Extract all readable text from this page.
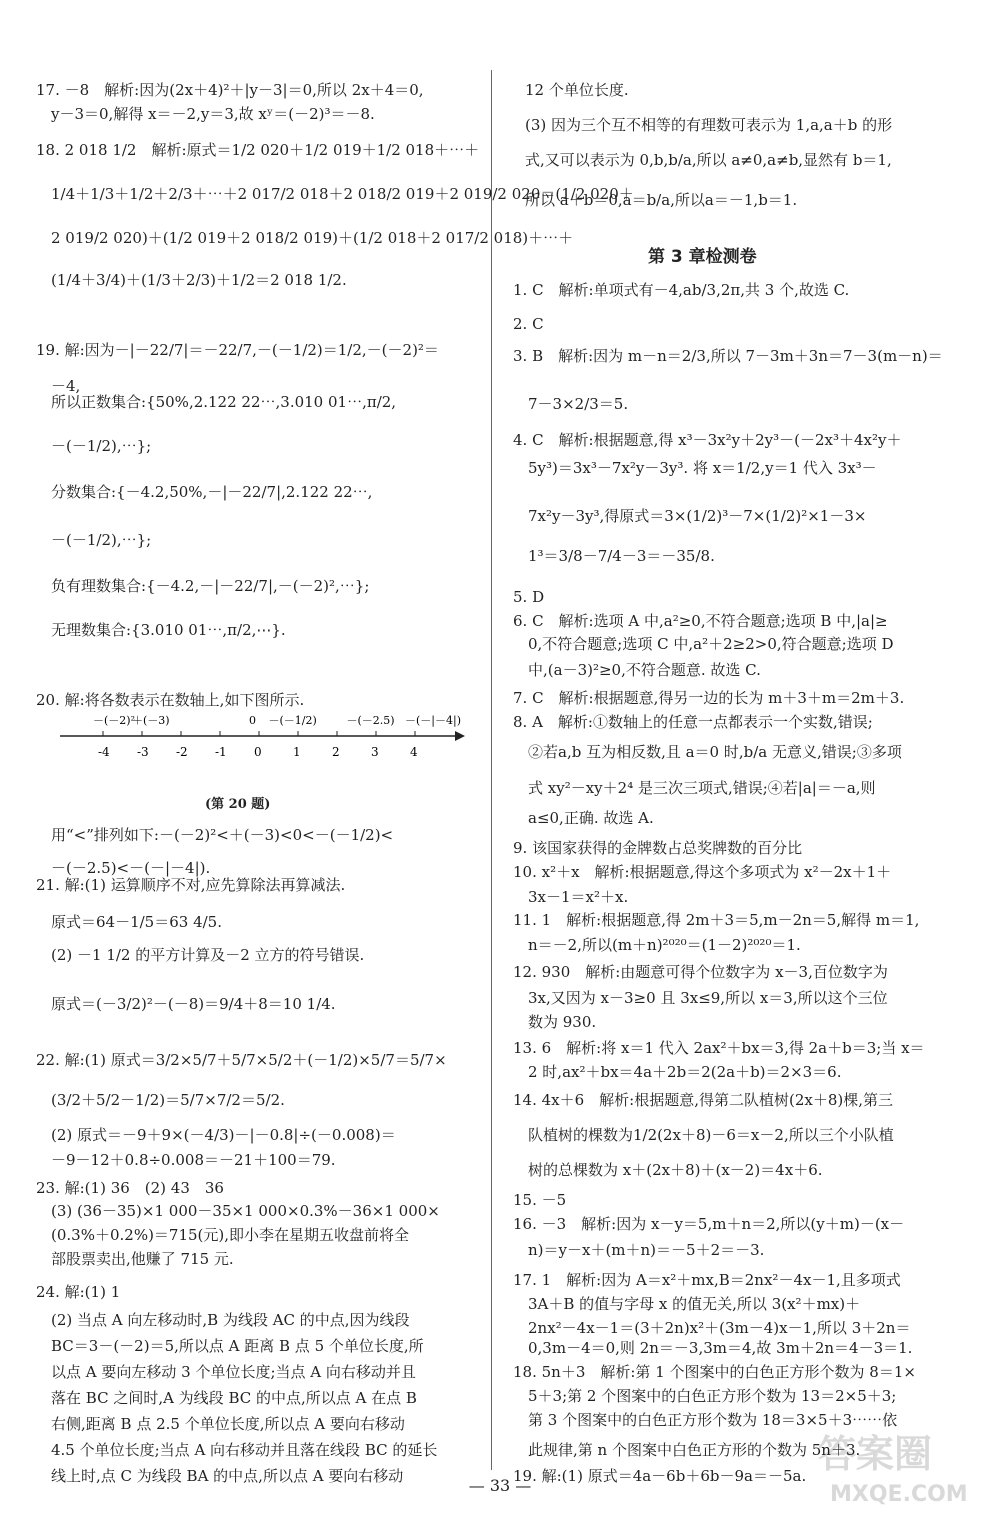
第 3 章检测卷
-4 -3 -2 -1 0	1	2	3	4
－(－2)²
＋(－3)	0 －(－1/2)	－(－2.5) －(－|－4|)
(第 20 题)
— 33 —
答案圈
MXQE.COM
17. －8　解析:因为(2x＋4)²＋|y－3|＝0,所以 2x＋4＝0,
　y－3＝0,解得 x＝－2,y＝3,故 xʸ＝(－2)³＝－8.
18. 2 018 1/2　解析:原式＝1/2 020＋1/2 019＋1/2 018＋⋯＋
　1/4＋1/3＋1/2＋2/3＋⋯＋2 017/2 018＋2 018/2 019＋2 019/2 020＝(1/2 020＋
　2 019/2 020)＋(1/2 019＋2 018/2 019)＋(1/2 018＋2 017/2 018)＋⋯＋
　(1/4＋3/4)＋(1/3＋2/3)＋1/2＝2 018 1/2.
19. 解:因为－|－22/7|＝－22/7,－(－1/2)＝1/2,－(－2)²＝
　－4,
　所以正数集合:{50%,2.122 22⋯,3.010 01⋯,π/2,
　－(－1/2),⋯};
　分数集合:{－4.2,50%,－|－22/7|,2.122 22⋯,
　－(－1/2),⋯};
　负有理数集合:{－4.2,－|－22/7|,－(－2)²,⋯};
　无理数集合:{3.010 01⋯,π/2,⋯}.
20. 解:将各数表示在数轴上,如下图所示.
　用“<”排列如下:－(－2)²<＋(－3)<0<－(－1/2)<
　－(－2.5)<－(－|－4|).
21. 解:(1) 运算顺序不对,应先算除法再算减法.
　原式＝64－1/5＝63 4/5.
　(2) －1 1/2 的平方计算及－2 立方的符号错误.
　原式＝(－3/2)²－(－8)＝9/4＋8＝10 1/4.
22. 解:(1) 原式＝3/2×5/7＋5/7×5/2＋(－1/2)×5/7＝5/7×
　(3/2＋5/2－1/2)＝5/7×7/2＝5/2.
　(2) 原式＝－9＋9×(－4/3)－|－0.8|÷(－0.008)＝
　－9－12＋0.8÷0.008＝－21＋100＝79.
23. 解:(1) 36　(2) 43　36
　(3) (36－35)×1 000－35×1 000×0.3%－36×1 000×
　(0.3%＋0.2%)＝715(元),即小李在星期五收盘前将全
　部股票卖出,他赚了 715 元.
24. 解:(1) 1
　(2) 当点 A 向左移动时,B 为线段 AC 的中点,因为线段
　BC＝3－(－2)＝5,所以点 A 距离 B 点 5 个单位长度,所
　以点 A 要向左移动 3 个单位长度;当点 A 向右移动并且
　落在 BC 之间时,A 为线段 BC 的中点,所以点 A 在点 B
　右侧,距离 B 点 2.5 个单位长度,所以点 A 要向右移动
　4.5 个单位长度;当点 A 向右移动并且落在线段 BC 的延长
　线上时,点 C 为线段 BA 的中点,所以点 A 要向右移动
12 个单位长度.
(3) 因为三个互不相等的有理数可表示为 1,a,a＋b 的形
式,又可以表示为 0,b,b/a,所以 a≠0,a≠b,显然有 b＝1,
所以 a＋b＝0,a＝b/a,所以a＝－1,b＝1.
1. C　解析:单项式有－4,ab/3,2π,共 3 个,故选 C.
2. C
3. B　解析:因为 m－n＝2/3,所以 7－3m＋3n＝7－3(m－n)＝
　7－3×2/3＝5.
4. C　解析:根据题意,得 x³－3x²y＋2y³－(－2x³＋4x²y＋
　5y³)＝3x³－7x²y－3y³. 将 x＝1/2,y＝1 代入 3x³－
　7x²y－3y³,得原式＝3×(1/2)³－7×(1/2)²×1－3×
　1³＝3/8－7/4－3＝－35/8.
5. D
6. C　解析:选项 A 中,a²≥0,不符合题意;选项 B 中,|a|≥
　0,不符合题意;选项 C 中,a²＋2≥2>0,符合题意;选项 D
　中,(a－3)²≥0,不符合题意. 故选 C.
7. C　解析:根据题意,得另一边的长为 m＋3＋m＝2m＋3.
8. A　解析:①数轴上的任意一点都表示一个实数,错误;
　②若a,b 互为相反数,且 a＝0 时,b/a 无意义,错误;③多项
　式 xy²－xy＋2⁴ 是三次三项式,错误;④若|a|＝－a,则
　a≤0,正确. 故选 A.
9. 该国家获得的金牌数占总奖牌数的百分比
10. x²＋x　解析:根据题意,得这个多项式为 x²－2x＋1＋
　3x－1＝x²＋x.
11. 1　解析:根据题意,得 2m＋3＝5,m－2n＝5,解得 m＝1,
　n＝－2,所以(m＋n)²⁰²⁰＝(1－2)²⁰²⁰＝1.
12. 930　解析:由题意可得个位数字为 x－3,百位数字为
　3x,又因为 x－3≥0 且 3x≤9,所以 x＝3,所以这个三位
　数为 930.
13. 6　解析:将 x＝1 代入 2ax²＋bx＝3,得 2a＋b＝3;当 x＝
　2 时,ax²＋bx＝4a＋2b＝2(2a＋b)＝2×3＝6.
14. 4x＋6　解析:根据题意,得第二队植树(2x＋8)棵,第三
　队植树的棵数为1/2(2x＋8)－6＝x－2,所以三个小队植
　树的总棵数为 x＋(2x＋8)＋(x－2)＝4x＋6.
15. －5
16. －3　解析:因为 x－y＝5,m＋n＝2,所以(y＋m)－(x－
　n)＝y－x＋(m＋n)＝－5＋2＝－3.
17. 1　解析:因为 A＝x²＋mx,B＝2nx²－4x－1,且多项式
　3A＋B 的值与字母 x 的值无关,所以 3(x²＋mx)＋
　2nx²－4x－1＝(3＋2n)x²＋(3m－4)x－1,所以 3＋2n＝
　0,3m－4＝0,则 2n＝－3,3m＝4,故 3m＋2n＝4－3＝1.
18. 5n＋3　解析:第 1 个图案中的白色正方形个数为 8＝1×
　5＋3;第 2 个图案中的白色正方形个数为 13＝2×5＋3;
　第 3 个图案中的白色正方形个数为 18＝3×5＋3⋯⋯依
　此规律,第 n 个图案中白色正方形的个数为 5n＋3.
19. 解:(1) 原式＝4a－6b＋6b－9a＝－5a.
